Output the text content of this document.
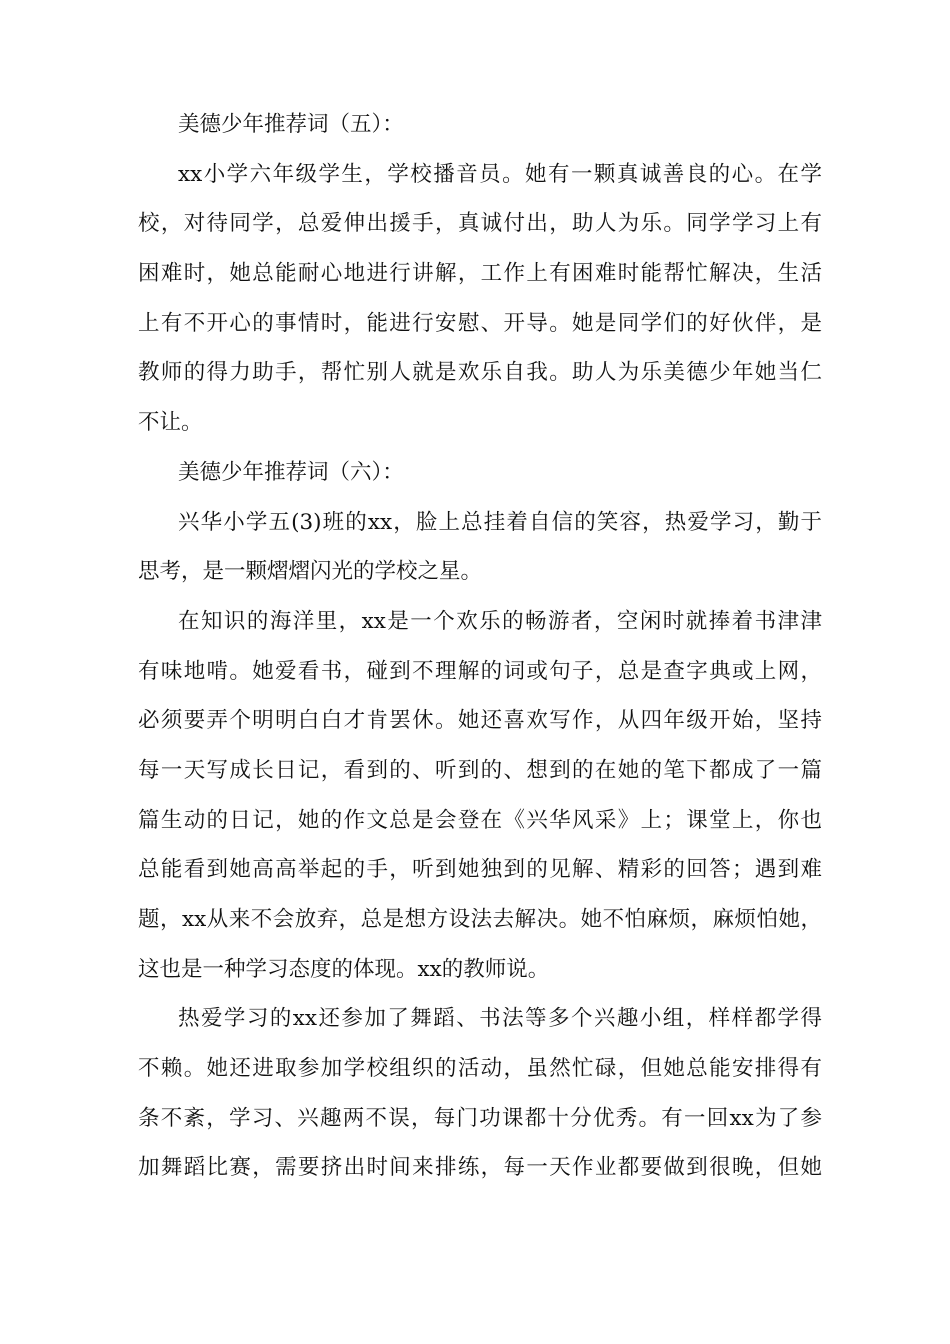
美德少年推荐词（五）：
xx小学六年级学生，学校播音员。她有一颗真诚善良的心。在学
校，对待同学，总爱伸出援手，真诚付出，助人为乐。同学学习上有
困难时，她总能耐心地进行讲解，工作上有困难时能帮忙解决，生活
上有不开心的事情时，能进行安慰、开导。她是同学们的好伙伴，是
教师的得力助手，帮忙别人就是欢乐自我。助人为乐美德少年她当仁
不让。
美德少年推荐词（六）：
兴华小学五(3)班的xx，脸上总挂着自信的笑容，热爱学习，勤于
思考，是一颗熠熠闪光的学校之星。
在知识的海洋里，xx是一个欢乐的畅游者，空闲时就捧着书津津
有味地啃。她爱看书，碰到不理解的词或句子，总是查字典或上网，
必须要弄个明明白白才肯罢休。她还喜欢写作，从四年级开始，坚持
每一天写成长日记，看到的、听到的、想到的在她的笔下都成了一篇
篇生动的日记，她的作文总是会登在《兴华风采》上；课堂上，你也
总能看到她高高举起的手，听到她独到的见解、精彩的回答；遇到难
题，xx从来不会放弃，总是想方设法去解决。她不怕麻烦，麻烦怕她，
这也是一种学习态度的体现。xx的教师说。
热爱学习的xx还参加了舞蹈、书法等多个兴趣小组，样样都学得
不赖。她还进取参加学校组织的活动，虽然忙碌，但她总能安排得有
条不紊，学习、兴趣两不误，每门功课都十分优秀。有一回xx为了参
加舞蹈比赛，需要挤出时间来排练，每一天作业都要做到很晚，但她
